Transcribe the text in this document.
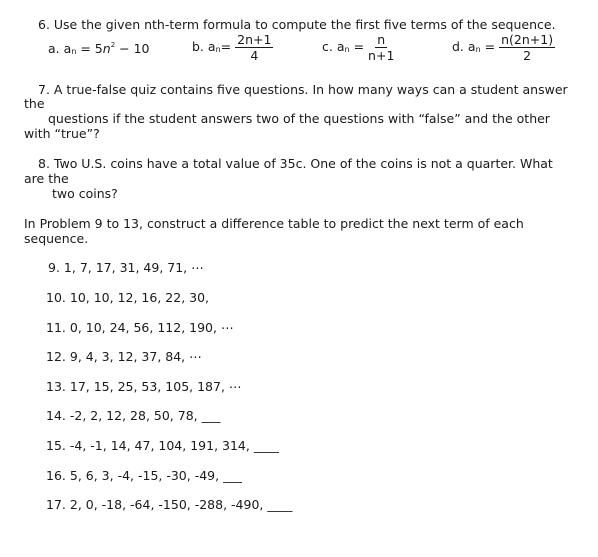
6. Use the given nth-term formula to compute the first five terms of the sequence.
a. $a_n = 5n^2 - 10$	b. $a_n= \frac{2n+1}{4}$	c. $a_n = \frac{n}{n+1}$	d. $a_n = \frac{n(2n+1)}{2}$
7. A true-false quiz contains five questions. In how many ways can a student answer
the
questions if the student answers two of the questions with “false” and the other
with “true”?
8. Two U.S. coins have a total value of 35c. One of the coins is not a quarter. What
are the
two coins?
In Problem 9 to 13, construct a difference table to predict the next term of each
sequence.
9. 1, 7, 17, 31, 49, 71, ⋯
10. 10, 10, 12, 16, 22, 30,
11. 0, 10, 24, 56, 112, 190, ⋯
12. 9, 4, 3, 12, 37, 84, ⋯
13. 17, 15, 25, 53, 105, 187, ⋯
14. -2, 2, 12, 28, 50, 78, ___
15. -4, -1, 14, 47, 104, 191, 314, ____
16. 5, 6, 3, -4, -15, -30, -49, ___
17. 2, 0, -18, -64, -150, -288, -490, ____
